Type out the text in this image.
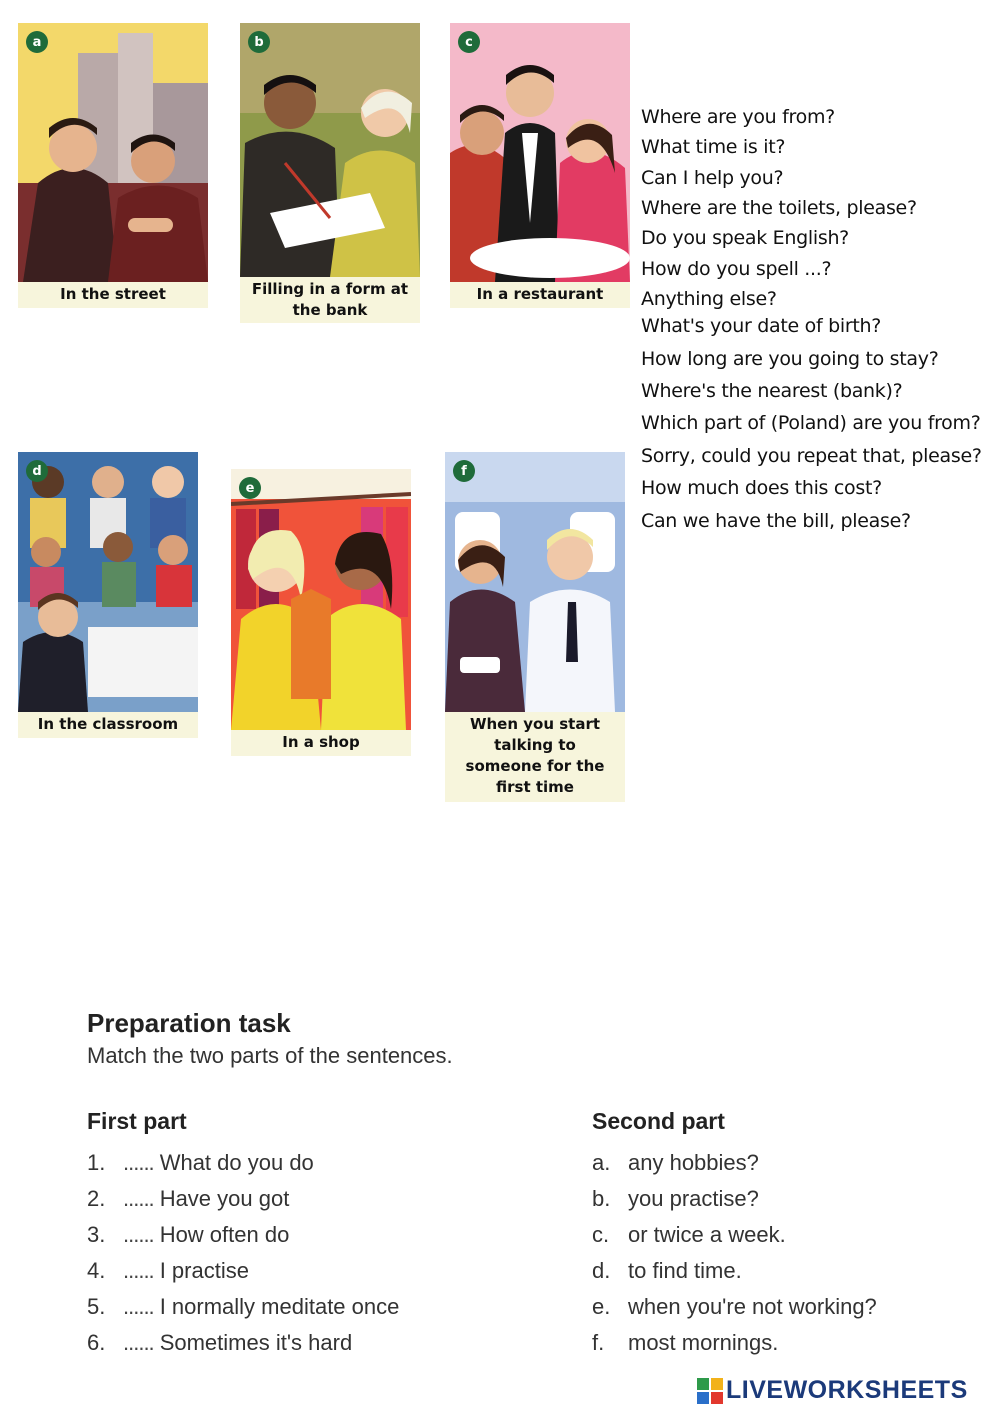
a
In the street
b
Filling in a form at the bank
c
In a restaurant
d
In the classroom
e
In a shop
f
When you start talking to someone for the first time
Where are you from?
What time is it?
Can I help you?
Where are the toilets, please?
Do you speak English?
How do you spell ...?
Anything else?
What's your date of birth?
How long are you going to stay?
Where's the nearest (bank)?
Which part of (Poland) are you from?
Sorry, could you repeat that, please?
How much does this cost?
Can we have the bill, please?
Preparation task
Match the two parts of the sentences.
First part	Second part
1. ...... What do you do
2. ...... Have you got
3. ...... How often do
4. ...... I practise
5. ...... I normally meditate once
6. ...... Sometimes it's hard
a. any hobbies?
b. you practise?
c. or twice a week.
d. to find time.
e. when you're not working?
f. most mornings.
LIVEWORKSHEETS
